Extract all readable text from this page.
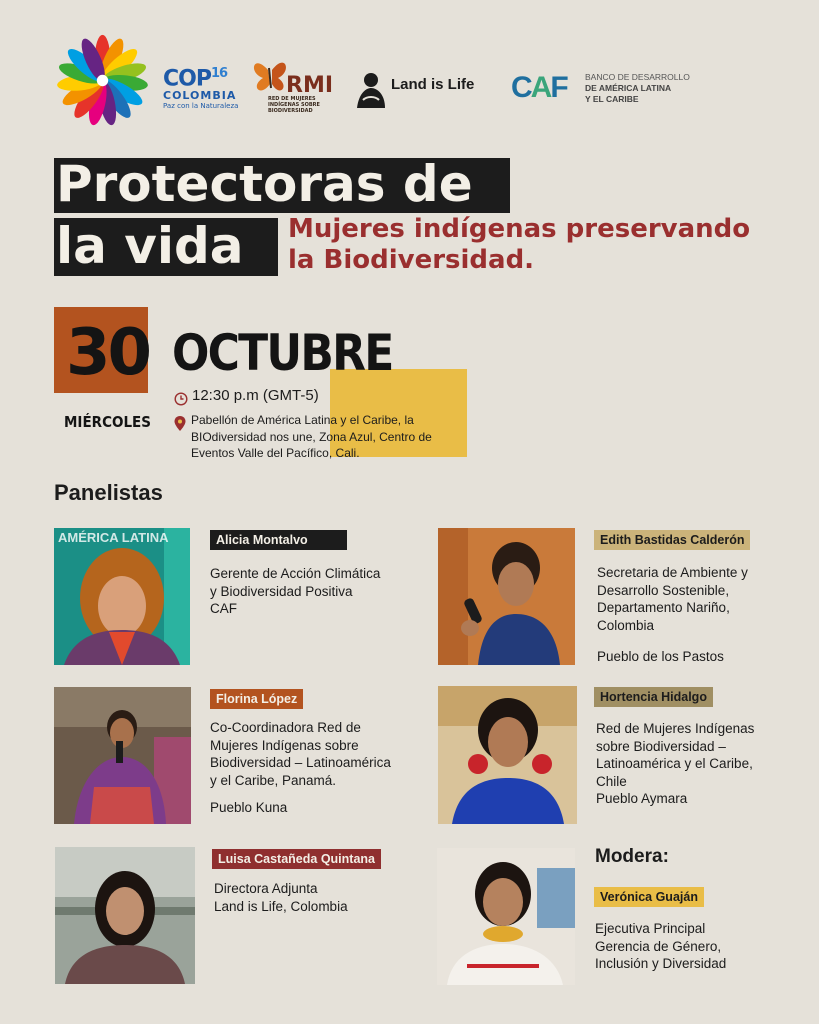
COP$^{16}$
COLOMBIA
Paz con la Naturaleza
RMI
RED DE MUJERES INDÍGENAS SOBRE BIODIVERSIDAD
Land is Life CAF BANCO DE DESARROLLO
DE AMÉRICA LATINA
Y EL CARIBE
Protectoras de
la vida Mujeres indígenas preservando
la Biodiversidad.
30 OCTUBRE
MIÉRCOLES
12:30 p.m (GMT-5)
Pabellón de América Latina y el Caribe, la
BIOdiversidad nos une, Zona Azul, Centro de
Eventos Valle del Pacífico, Cali.
Panelistas
AMÉRICA LATINA	Alicia Montalvo
Gerente de Acción Climática
y Biodiversidad Positiva
CAF
Edith Bastidas Calderón
Secretaria de Ambiente y
Desarrollo Sostenible,
Departamento Nariño,
Colombia
Pueblo de los Pastos
Florina López
Co-Coordinadora Red de
Mujeres Indígenas sobre
Biodiversidad – Latinoamérica
y el Caribe, Panamá.
Pueblo Kuna
Hortencia Hidalgo
Red de Mujeres Indígenas
sobre Biodiversidad –
Latinoamérica y el Caribe,
Chile
Pueblo Aymara
Luisa Castañeda Quintana
Directora Adjunta
Land is Life, Colombia
Modera:
Verónica Guaján
Ejecutiva Principal
Gerencia de Género,
Inclusión y Diversidad
